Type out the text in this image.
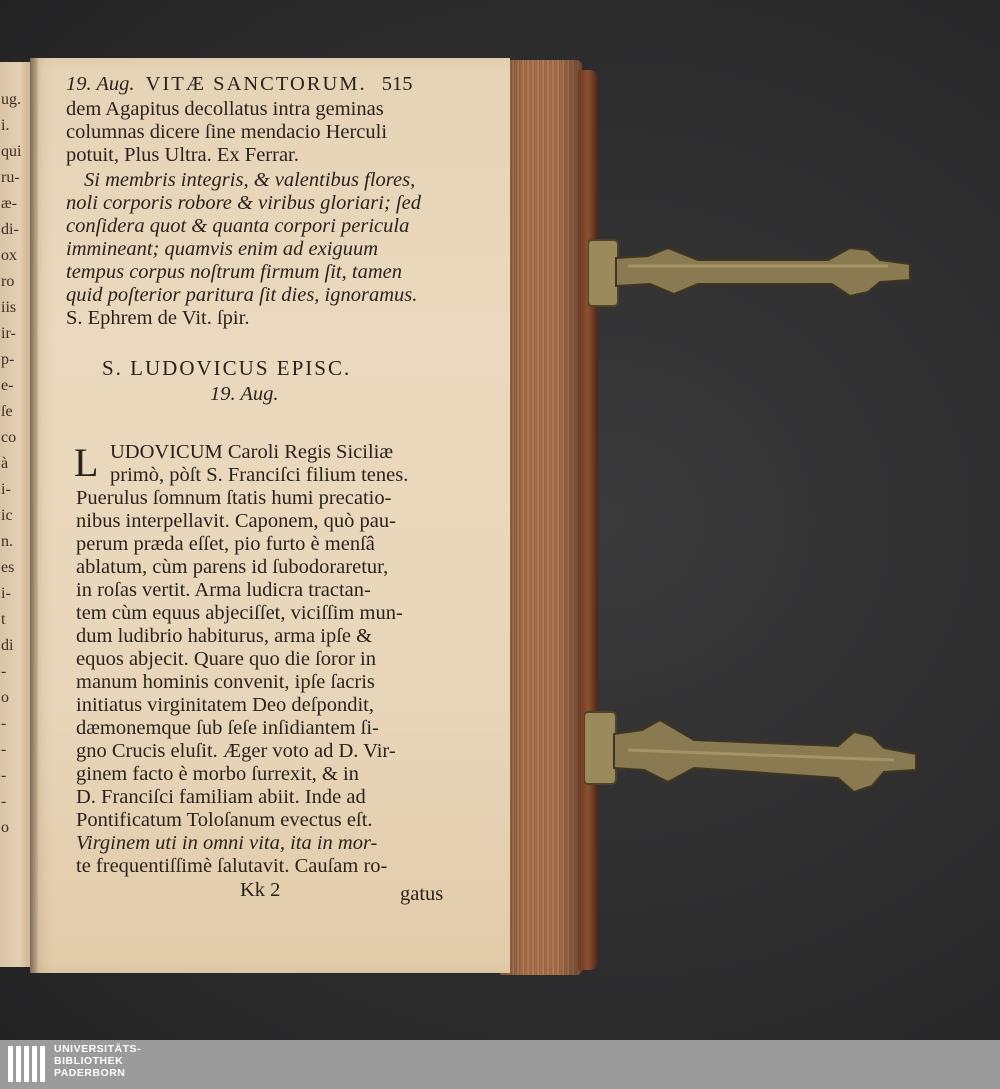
ug.
i.
qui
ru-
æ-
di-
ox
ro
iis
ir-
p-
e-
ſe
co
à
i-
ic
n.
es
i-
t
di
-
o
-
-
-
-
o
19. Aug. VITÆ SANCTORUM. 515
dem Agapitus decollatus intra geminas
columnas dicere ſine mendacio Herculi
potuit, Plus Ultra. Ex Ferrar.
Si membris integris, & valentibus flores,
noli corporis robore & viribus gloriari; ſed
conſidera quot & quanta corpori pericula
immineant; quamvis enim ad exiguum
tempus corpus noſtrum firmum ſit, tamen
quid poſterior paritura ſit dies, ignoramus.
S. Ephrem de Vit. ſpir.
S. LUDOVICUS EPISC.
19. Aug.
L UDOVICUM Caroli Regis Siciliæ
primò, pòſt S. Franciſci filium tenes.
Puerulus ſomnum ſtatis humi precatio-
nibus interpellavit. Caponem, quò pau-
perum præda eſſet, pio furto è menſâ
ablatum, cùm parens id ſubodoraretur,
in roſas vertit. Arma ludicra tractan-
tem cùm equus abjeciſſet, viciſſim mun-
dum ludibrio habiturus, arma ipſe &
equos abjecit. Quare quo die ſoror in
manum hominis convenit, ipſe ſacris
initiatus virginitatem Deo deſpondit,
dæmonemque ſub ſeſe inſidiantem ſi-
gno Crucis eluſit. Æger voto ad D. Vir-
ginem facto è morbo ſurrexit, & in
D. Franciſci familiam abiit. Inde ad
Pontificatum Toloſanum evectus eſt.
Virginem uti in omni vita, ita in mor-
te frequentiſſimè ſalutavit. Cauſam ro-
Kk 2	gatus
UNIVERSITÄTS-
BIBLIOTHEK
PADERBORN
